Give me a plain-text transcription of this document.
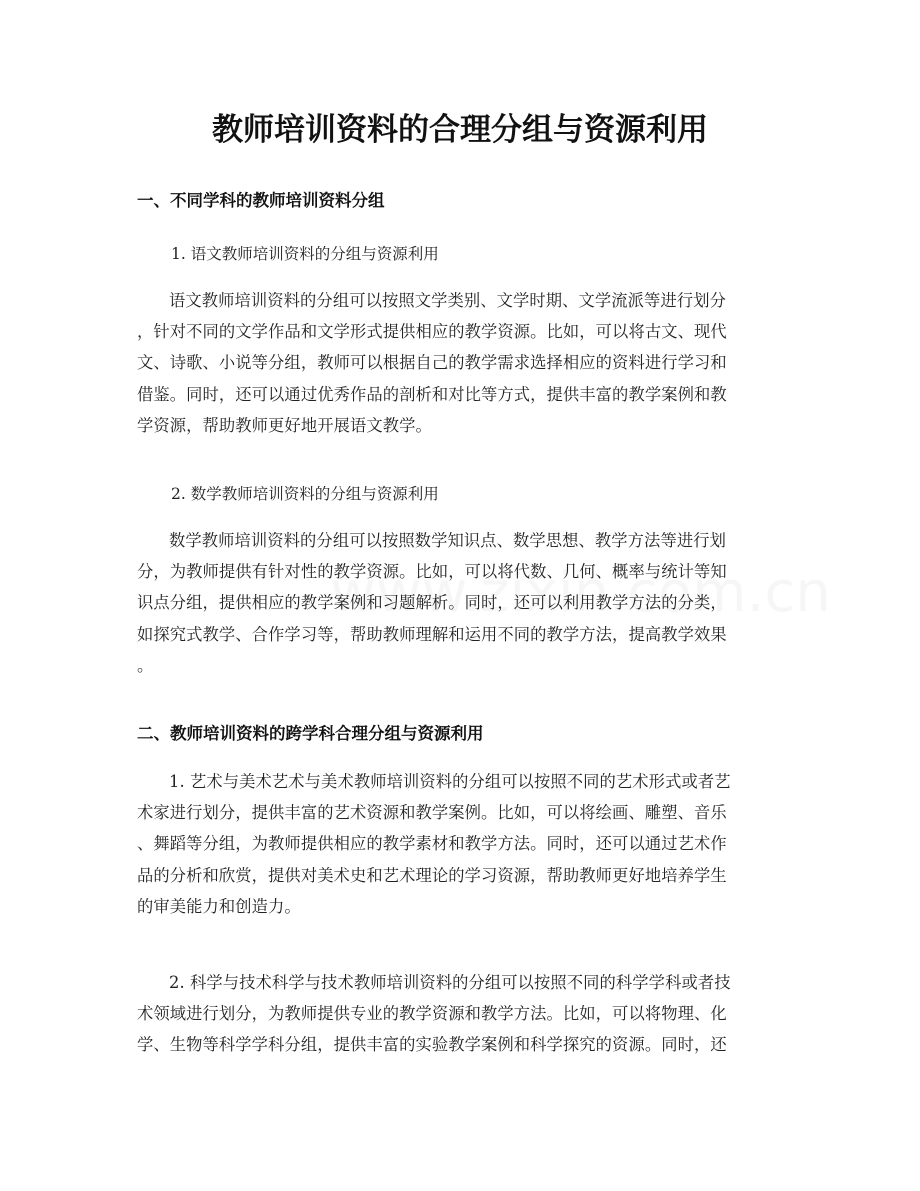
教师培训资料的合理分组与资源利用
一、不同学科的教师培训资料分组
1. 语文教师培训资料的分组与资源利用
语文教师培训资料的分组可以按照文学类别、文学时期、文学流派等进行划分
，针对不同的文学作品和文学形式提供相应的教学资源。比如，可以将古文、现代
文、诗歌、小说等分组，教师可以根据自己的教学需求选择相应的资料进行学习和
借鉴。同时，还可以通过优秀作品的剖析和对比等方式，提供丰富的教学案例和教
学资源，帮助教师更好地开展语文教学。
2. 数学教师培训资料的分组与资源利用
数学教师培训资料的分组可以按照数学知识点、数学思想、教学方法等进行划
分，为教师提供有针对性的教学资源。比如，可以将代数、几何、概率与统计等知
识点分组，提供相应的教学案例和习题解析。同时，还可以利用教学方法的分类，
如探究式教学、合作学习等，帮助教师理解和运用不同的教学方法，提高教学效果
。
二、教师培训资料的跨学科合理分组与资源利用
1. 艺术与美术艺术与美术教师培训资料的分组可以按照不同的艺术形式或者艺
术家进行划分，提供丰富的艺术资源和教学案例。比如，可以将绘画、雕塑、音乐
、舞蹈等分组，为教师提供相应的教学素材和教学方法。同时，还可以通过艺术作
品的分析和欣赏，提供对美术史和艺术理论的学习资源，帮助教师更好地培养学生
的审美能力和创造力。
2. 科学与技术科学与技术教师培训资料的分组可以按照不同的科学学科或者技
术领域进行划分，为教师提供专业的教学资源和教学方法。比如，可以将物理、化
学、生物等科学学科分组，提供丰富的实验教学案例和科学探究的资源。同时，还
